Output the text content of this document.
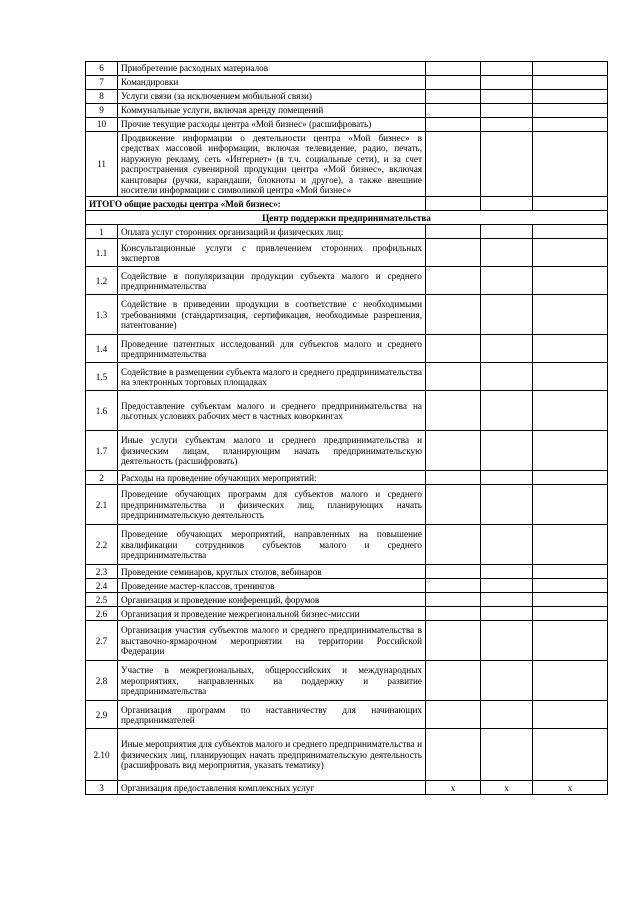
6	Приобретение расходных материалов			
7	Командировки			
8	Услуги связи (за исключением мобильной связи)			
9	Коммунальные услуги, включая аренду помещений			
10	Прочие текущие расходы центра «Мой бизнес» (расшифровать)			
11	Продвижение информации о деятельности центра «Мой бизнес» в средствах массовой информации, включая телевидение, радио, печать, наружную рекламу, сеть «Интернет» (в т.ч. социальные сети), и за счет распространения сувенирной продукции центра «Мой бизнес», включая канцтовары (ручки, карандаши, блокноты и другое), а также внешние носители информации с символикой центра «Мой бизнес»			
ИТОГО общие расходы центра «Мой бизнес»:				
Центр поддержки предпринимательства				
1	Оплата услуг сторонних организаций и физических лиц:			
1.1	Консультационные услуги с привлечением сторонних профильных экспертов			
1.2	Содействие в популяризации продукции субъекта малого и среднего предпринимательства			
1.3	Содействие в приведении продукции в соответствие с необходимыми требованиями (стандартизация, сертификация, необходимые разрешения, патентование)			
1.4	Проведение патентных исследований для субъектов малого и среднего предпринимательства			
1.5	Содействие в размещении субъекта малого и среднего предпринимательства на электронных торговых площадках			
1.6	Предоставление субъектам малого и среднего предпринимательства на льготных условиях рабочих мест в частных коворкингах			
1.7	Иные услуги субъектам малого и среднего предпринимательства и физическим лицам, планирующим начать предпринимательскую деятельность (расшифровать)			
2	Расходы на проведение обучающих мероприятий:			
2.1	Проведение обучающих программ для субъектов малого и среднего предпринимательства и физических лиц, планирующих начать предпринимательскую деятельность			
2.2	Проведение обучающих мероприятий, направленных на повышение квалификации сотрудников субъектов малого и среднего предпринимательства			
2.3	Проведение семинаров, круглых столов, вебинаров			
2.4	Проведение мастер-классов, тренингов			
2.5	Организация и проведение конференций, форумов			
2.6	Организация и проведение межрегиональной бизнес-миссии			
2.7	Организация участия субъектов малого и среднего предпринимательства в выставочно-ярмарочном мероприятии на территории Российской Федерации			
2.8	Участие в межрегиональных, общероссийских и международных мероприятиях, направленных на поддержку и развитие предпринимательства			
2.9	Организация программ по наставничеству для начинающих предпринимателей			
2.10	Иные мероприятия для субъектов малого и среднего предпринимательства и физических лиц, планирующих начать предпринимательскую деятельность (расшифровать вид мероприятия, указать тематику)			
3	Организация предоставления комплексных услуг	x	x	x
